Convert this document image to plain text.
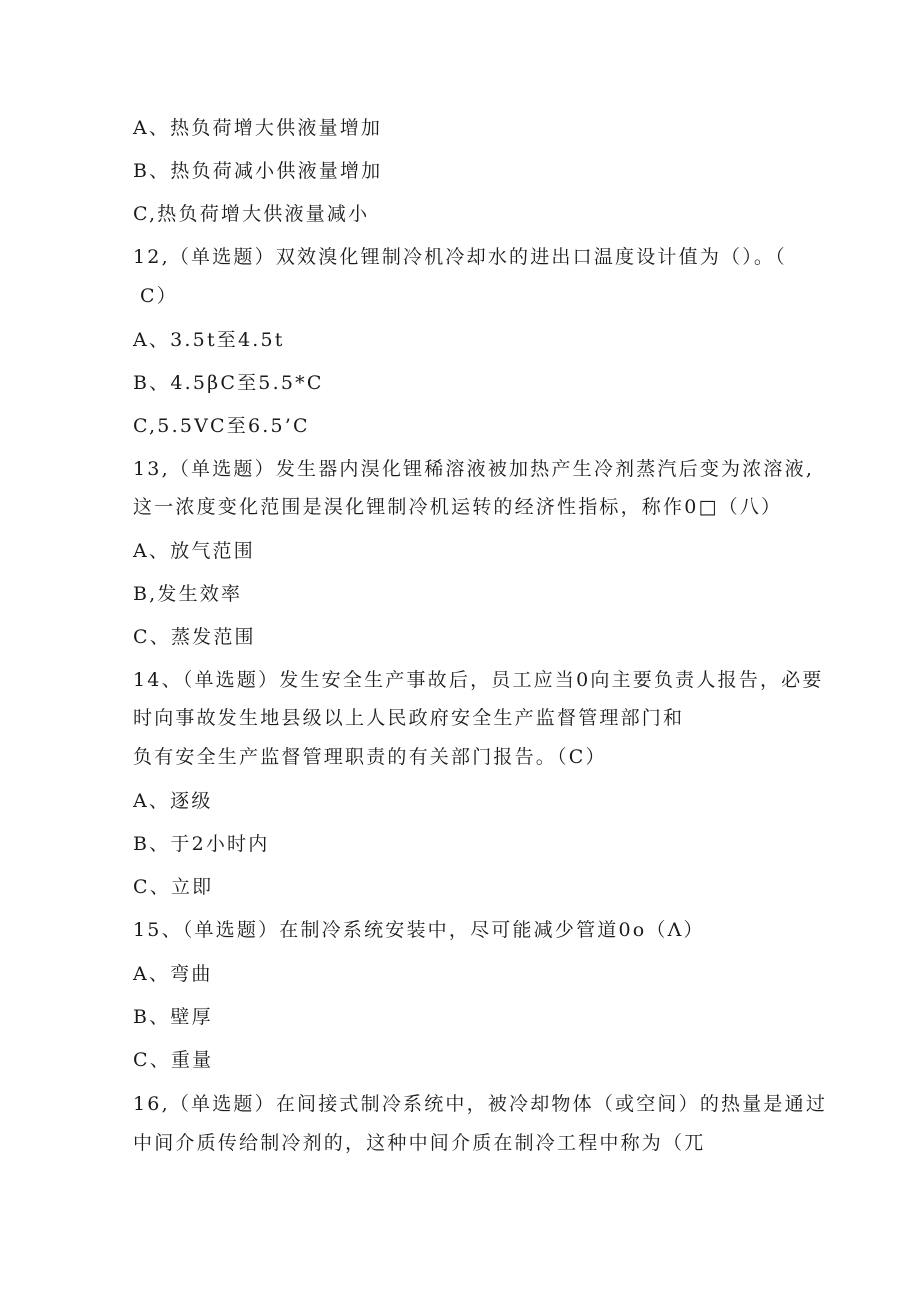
A、热负荷增大供液量增加
B、热负荷减小供液量增加
C,热负荷增大供液量减小
12,（单选题）双效溴化锂制冷机冷却水的进出口温度设计值为（）。（
C）
A、3.5t至4.5t
B、4.5βC至5.5*C
C,5.5VC至6.5’C
13,（单选题）发生器内淏化锂稀溶液被加热产生冷剂蒸汽后变为浓溶液,
这一浓度变化范围是淏化锂制冷机运转的经济性指标，称作0□（八）
A、放气范围
B,发生效率
C、蒸发范围
14、（单选题）发生安全生产事故后，员工应当0向主要负责人报告，必要
时向事故发生地县级以上人民政府安全生产监督管理部门和
负有安全生产监督管理职责的有关部门报告。（C）
A、逐级
B、于2小时内
C、立即
15、（单选题）在制冷系统安装中，尽可能减少管道0o（Λ）
A、弯曲
B、壁厚
C、重量
16,（单选题）在间接式制冷系统中，被冷却物体（或空间）的热量是通过
中间介质传给制冷剂的，这种中间介质在制冷工程中称为（兀
